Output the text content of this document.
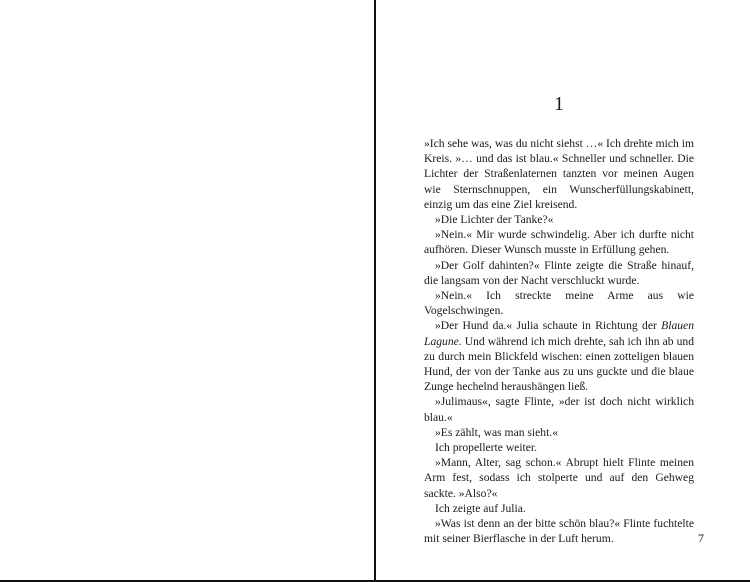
1

»Ich sehe was, was du nicht siehst …« Ich drehte mich im Kreis. »… und das ist blau.« Schneller und schneller. Die Lichter der Straßenlaternen tanzten vor meinen Augen wie Sternschnuppen, ein Wunscherfüllungskabinett, einzig um das eine Ziel kreisend.

»Die Lichter der Tanke?«

»Nein.« Mir wurde schwindelig. Aber ich durfte nicht aufhören. Dieser Wunsch musste in Erfüllung gehen.

»Der Golf dahinten?« Flinte zeigte die Straße hinauf, die langsam von der Nacht verschluckt wurde.

»Nein.« Ich streckte meine Arme aus wie Vogelschwingen.

»Der Hund da.« Julia schaute in Richtung der Blauen Lagune. Und während ich mich drehte, sah ich ihn ab und zu durch mein Blickfeld wischen: einen zotteligen blauen Hund, der von der Tanke aus zu uns guckte und die blaue Zunge hechelnd heraushängen ließ.

»Julimaus«, sagte Flinte, »der ist doch nicht wirklich blau.«

»Es zählt, was man sieht.«

Ich propellerte weiter.

»Mann, Alter, sag schon.« Abrupt hielt Flinte meinen Arm fest, sodass ich stolperte und auf den Gehweg sackte. »Also?«

Ich zeigte auf Julia.

»Was ist denn an der bitte schön blau?« Flinte fuchtelte mit seiner Bierflasche in der Luft herum.	7
